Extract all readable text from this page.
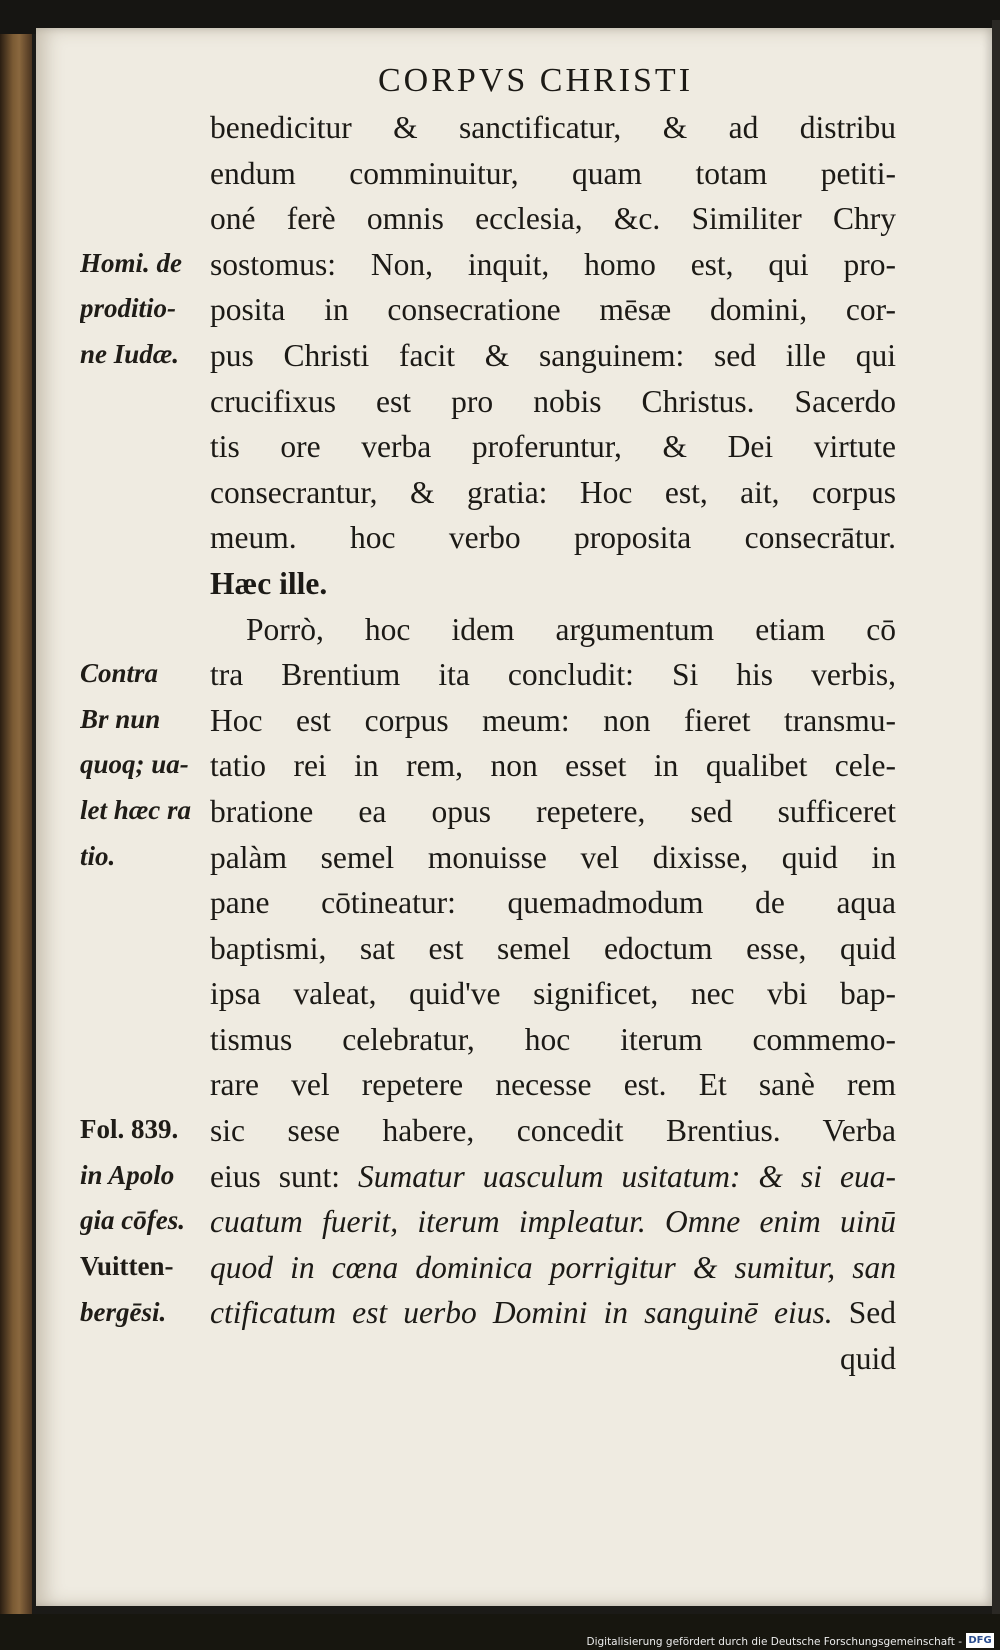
CORPVS CHRISTI
benedicitur & sanctificatur, & ad distribu
endum comminuitur, quam totam petiti-
oné ferè omnis ecclesia, &c. Similiter Chry
sostomus: Non, inquit, homo est, qui pro-
posita in consecratione mēsæ domini, cor-
pus Christi facit & sanguinem: sed ille qui
crucifixus est pro nobis Christus. Sacerdo
tis ore verba proferuntur, & Dei virtute
consecrantur, & gratia: Hoc est, ait, corpus
meum. hoc verbo proposita consecrātur.
Hæc ille.
Porrò, hoc idem argumentum etiam cō
tra Brentium ita concludit: Si his verbis,
Hoc est corpus meum: non fieret transmu-
tatio rei in rem, non esset in qualibet cele-
bratione ea opus repetere, sed sufficeret
palàm semel monuisse vel dixisse, quid in
pane cōtineatur: quemadmodum de aqua
baptismi, sat est semel edoctum esse, quid
ipsa valeat, quid've significet, nec vbi bap-
tismus celebratur, hoc iterum commemo-
rare vel repetere necesse est. Et sanè rem
sic sese habere, concedit Brentius. Verba
eius sunt: Sumatur uasculum usitatum: & si eua-
cuatum fuerit, iterum impleatur. Omne enim uinū
quod in cœna dominica porrigitur & sumitur, san
ctificatum est uerbo Domini in sanguinē eius. Sed
quid
Homi. de
proditio-
ne Iudæ.
Contra
Br nun
quoq; ua-
let hæc ra
tio.
Fol. 839.
in Apolo
gia cōfes.
Vuitten-
bergēsi.
Digitalisierung gefördert durch die Deutsche Forschungsgemeinschaft - DFG
